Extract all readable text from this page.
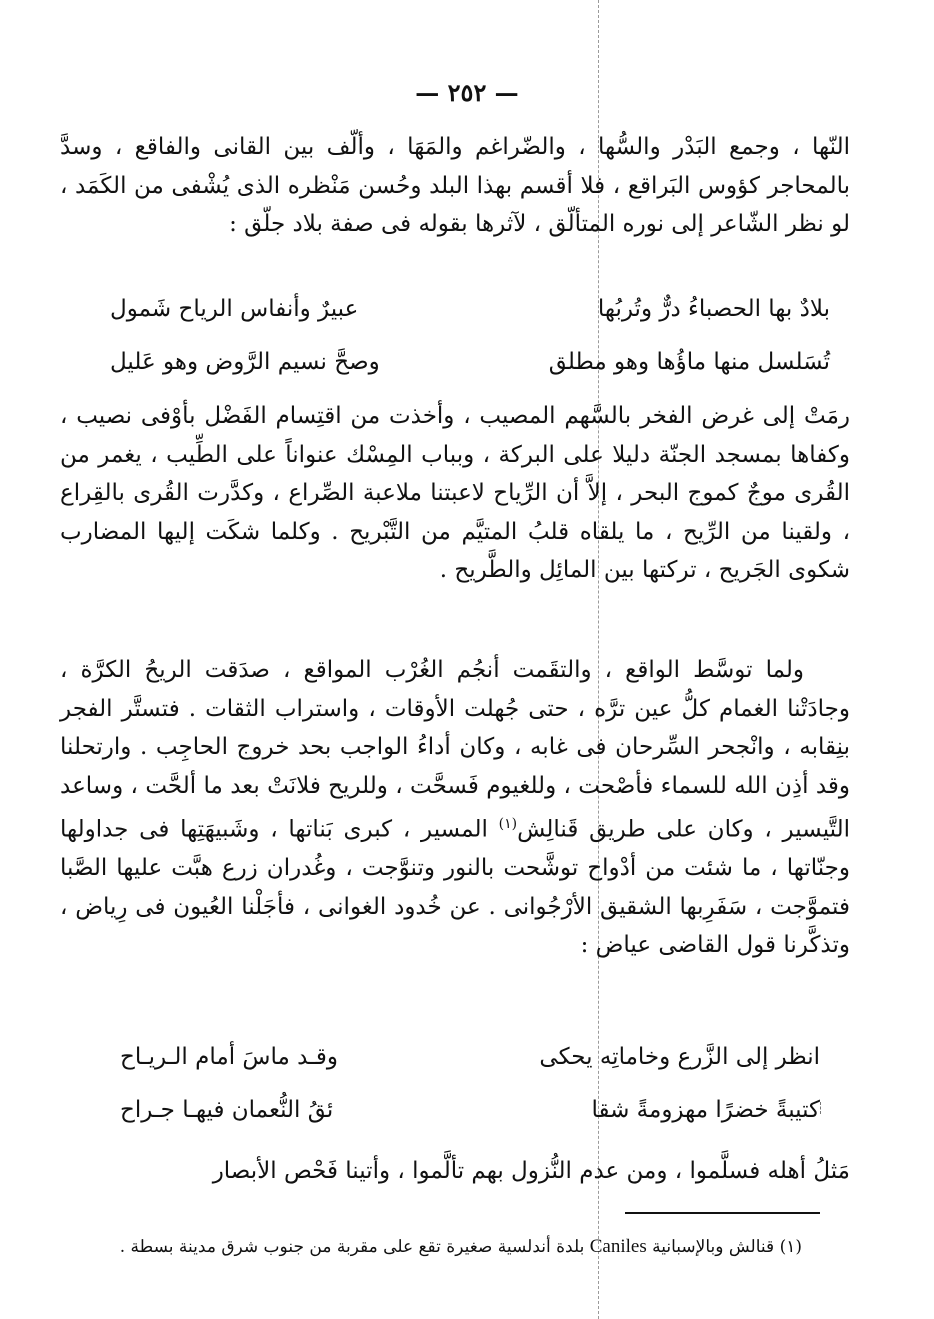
— ٢٥٢ —

النّها ، وجمع البَدْر والسُّها ، والضّراغم والمَهَا ، وألّف بين القانى والفاقع ، وسدَّ بالمحاجر كؤوس البَراقع ، فلا أقسم بهذا البلد وحُسن مَنْظره الذى يُشْفى من الكَمَد ، لو نظر الشّاعر إلى نوره المتألّق ، لآثرها بقوله فى صفة بلاد جلّق :

بلادٌ بها الحصباءُ درٌّ وتُربُها
عبيرٌ وأنفاس الرياح شَمول
تُسَلسل منها ماؤُها وهو مطلق
وصحَّ نسيم الرَّوض وهو عَليل

رمَتْ إلى غرض الفخر بالسَّهم المصيب ، وأخذت من اقتِسام الفَضْل بأوْفى نصيب ، وكفاها بمسجد الجنّة دليلا على البركة ، وبباب المِسْك عنواناً على الطِّيب ، يغمر من القُرى موجٌ كموج البحر ، إلاَّ أن الرِّياح لاعبتنا ملاعبة الصِّراع ، وكدَّرت القُرى بالقِراع ، ولقينا من الرِّيح ، ما يلقاه قلبُ المتيَّم من التَّبْريح . وكلما شكَت إليها المضارب شكوى الجَريح ، تركتها بين المائِل والطَّريح .

ولما توسَّط الواقع ، والتقَمت أنجُم الغُرْب المواقع ، صدَقت الريحُ الكرَّة ، وجادَتْنا الغمام كلُّ عين ترَّه ، حتى جُهلت الأوقات ، واستراب الثقات . فتستَّر الفجر بنِقابه ، وانْجحر السِّرحان فى غابه ، وكان أداءُ الواجب بحد خروج الحاجِب . وارتحلنا وقد أذِن الله للسماء فأصْحت ، وللغيوم فَسحَّت ، وللريح فلانَتْ بعد ما ألحَّت ، وساعد التَّيسير ، وكان على طريق قَنالِش$^{(١)}$ المسير ، كبرى بَناتها ، وشَبيهَتِها فى جداولها وجنّاتها ، ما شئت من أدْواح توشَّحت بالنور وتنوَّجت ، وغُدران زرع هبَّت عليها الصَّبا فتموَّجت ، سَفَرِبها الشقيق الأرْجُوانى . عن خُدود الغوانى ، فأجَلْنا العُيون فى رِياض ، وتذكَّرنا قول القاضى عياض :

انظر إلى الزَّرع وخاماتِه يحكى
وقـد ماسَ أمام الـريـاح
كتيبةً خضرًا مهزومةً شقا
ئقُ النُّعمان فيهـا جـراح

مَثلُ أهله فسلَّموا ، ومن عدم النُّزول بهم تألَّموا ، وأتينا فَحْص الأبصار

(١) قنالش وبالإسبانية Caniles بلدة أندلسية صغيرة تقع على مقربة من جنوب شرق مدينة بسطة .
